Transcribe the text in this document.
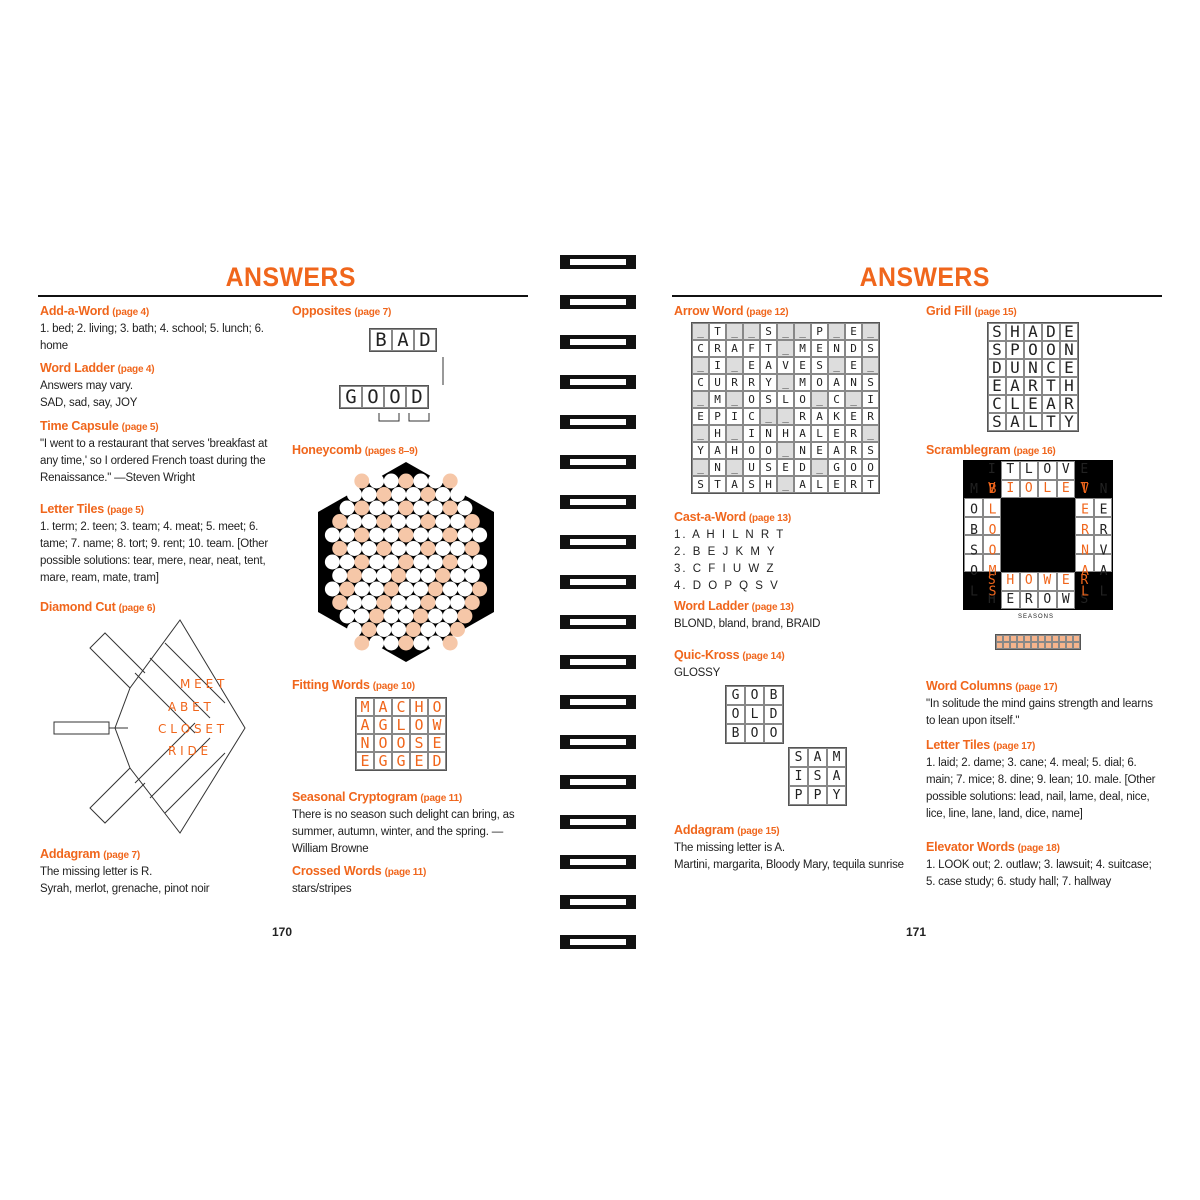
ANSWERS	ANSWERS
Add-a-Word (page 4)

1. bed; 2. living; 3. bath; 4. school; 5. lunch; 6. home

Word Ladder (page 4)

Answers may vary.

SAD, sad, say, JOY

Time Capsule (page 5)

"I went to a restaurant that serves 'breakfast at any time,' so I ordered French toast during the Renaissance." —Steven Wright

Letter Tiles (page 5)

1. term; 2. teen; 3. team; 4. meat; 5. meet; 6. tame; 7. name; 8. tort; 9. rent; 10. team. [Other possible solutions: tear, mere, near, neat, tent, mare, ream, mate, tram]

Diamond Cut (page 6)
M E E T
A B E T
C L O S E T
R I D E
Addagram (page 7)

The missing letter is R.

Syrah, merlot, grenache, pinot noir

Opposites (page 7)
BAD
GOOD
Honeycomb (pages 8–9)
Fitting Words (page 10)
MACHO
AGLOW
NOOSE
EGGED
Seasonal Cryptogram (page 11)

There is no season such delight can bring, as summer, autumn, winter, and the spring. —William Browne

Crossed Words (page 11)

stars/stripes

170
Arrow Word (page 12)
_T__S__P_E_
CRAFT_MENDS
_I_EAVES_E_
CURRY_MOANS
_M_OSLO_C_I
EPIC__RAKER
_H_INHALER_
YAHOO_NEARS
_N_USED_GOO
STASH_ALERT
Cast-a-Word (page 13)

1. A H I L N R T

2. B E J K M Y

3. C F I U W Z

4. D O P Q S V

Word Ladder (page 13)

BLOND, bland, brand, BRAID

Quic-Kross (page 14)

GLOSSY

GOB
OLD
BOO
SAM
ISA
PPY
Addagram (page 15)

The missing letter is A.

Martini, margarita, Bloody Mary, tequila sunrise

Grid Fill (page 15)
SHADE
SPOON
DUNCE
EARTH
CLEAR
SALTY
Scramblegram (page 16)
ITLOVE
VIOLET
SHOWER
HEROWS
MOBSOL BLOOMS	VERNAL NERVAL
SEASONS
Word Columns (page 17)

"In solitude the mind gains strength and learns to lean upon itself."

Letter Tiles (page 17)

1. laid; 2. dame; 3. cane; 4. meal; 5. dial; 6. main; 7. mice; 8. dine; 9. lean; 10. male. [Other possible solutions: lead, nail, lame, deal, nice, lice, line, lane, land, dice, name]

Elevator Words (page 18)

1. LOOK out; 2. outlaw; 3. lawsuit; 4. suitcase; 5. case study; 6. study hall; 7. hallway

171
